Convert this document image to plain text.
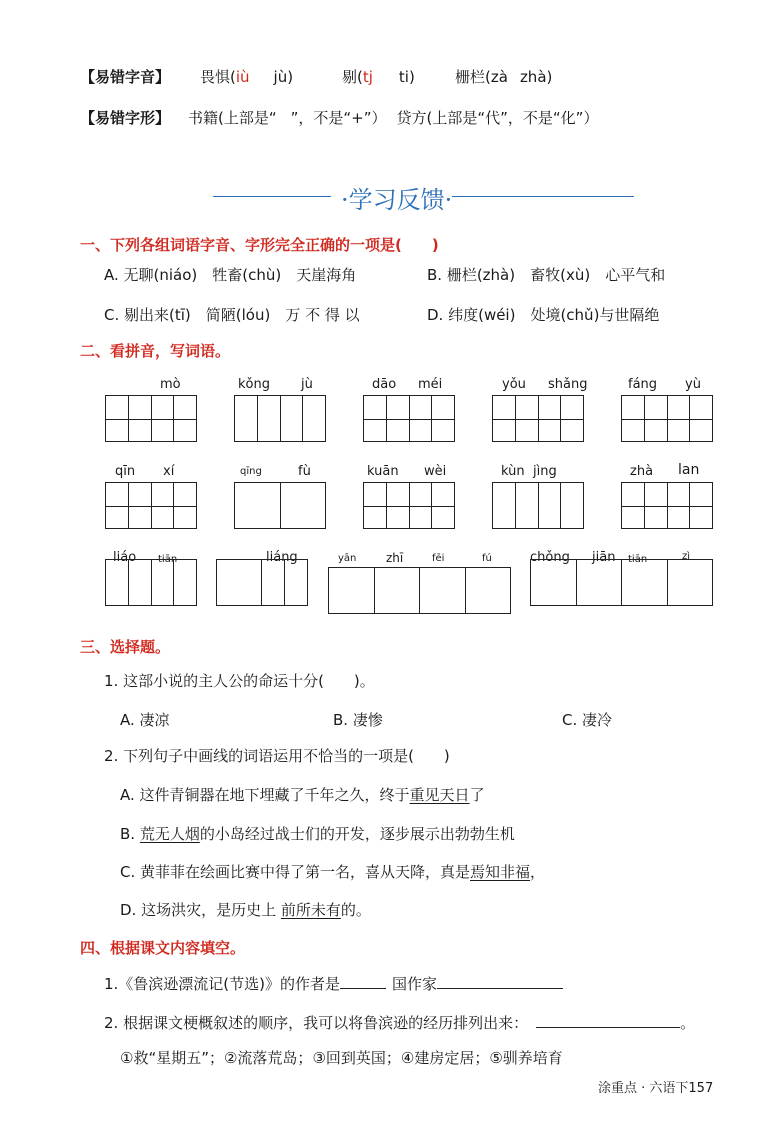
【易错字音】 畏惧(iù jù)	剔(tj ti)	栅栏(zà zhà)
【易错字形】 书籍(上部是“ ”，不是“+”） 贷方(上部是“代”，不是“化”）
·学习反馈·
一、下列各组词语字音、字形完全正确的一项是(　　)
A. 无聊(niáo)　牲畜(chù)　天崖海角	B. 栅栏(zhà)　畜牧(xù)　心平气和
C. 剔出来(tī)　简陋(lóu)　万 不 得 以	D. 纬度(wéi)　处境(chǔ)与世隔绝
二、看拼音，写词语。
mò	kǒng jù	dāo méi	yǒu shǎng	fáng yù
qīn xí	qīng	fù	kuān wèi	kùn jìng	zhà lan
liáo tiān	liáng	yān zhī	fēi	fú	chǒng jiān tiān	zì
三、选择题。
1. 这部小说的主人公的命运十分(　　)。
A. 凄凉	B. 凄惨	C. 凄冷
2. 下列句子中画线的词语运用不恰当的一项是(　　)
A. 这件青铜器在地下埋藏了千年之久，终于重见天日了
B. 荒无人烟的小岛经过战士们的开发，逐步展示出勃勃生机
C. 黄菲菲在绘画比赛中得了第一名，喜从天降，真是焉知非福，
D. 这场洪灾，是历史上 前所未有的。
四、根据课文内容填空。
1.《鲁滨逊漂流记(节选)》的作者是	国作家
2. 根据课文梗概叙述的顺序，我可以将鲁滨逊的经历排列出来：	。
①救“星期五”；②流落荒岛；③回到英国；④建房定居；⑤驯养培育
涂重点 · 六语下157
